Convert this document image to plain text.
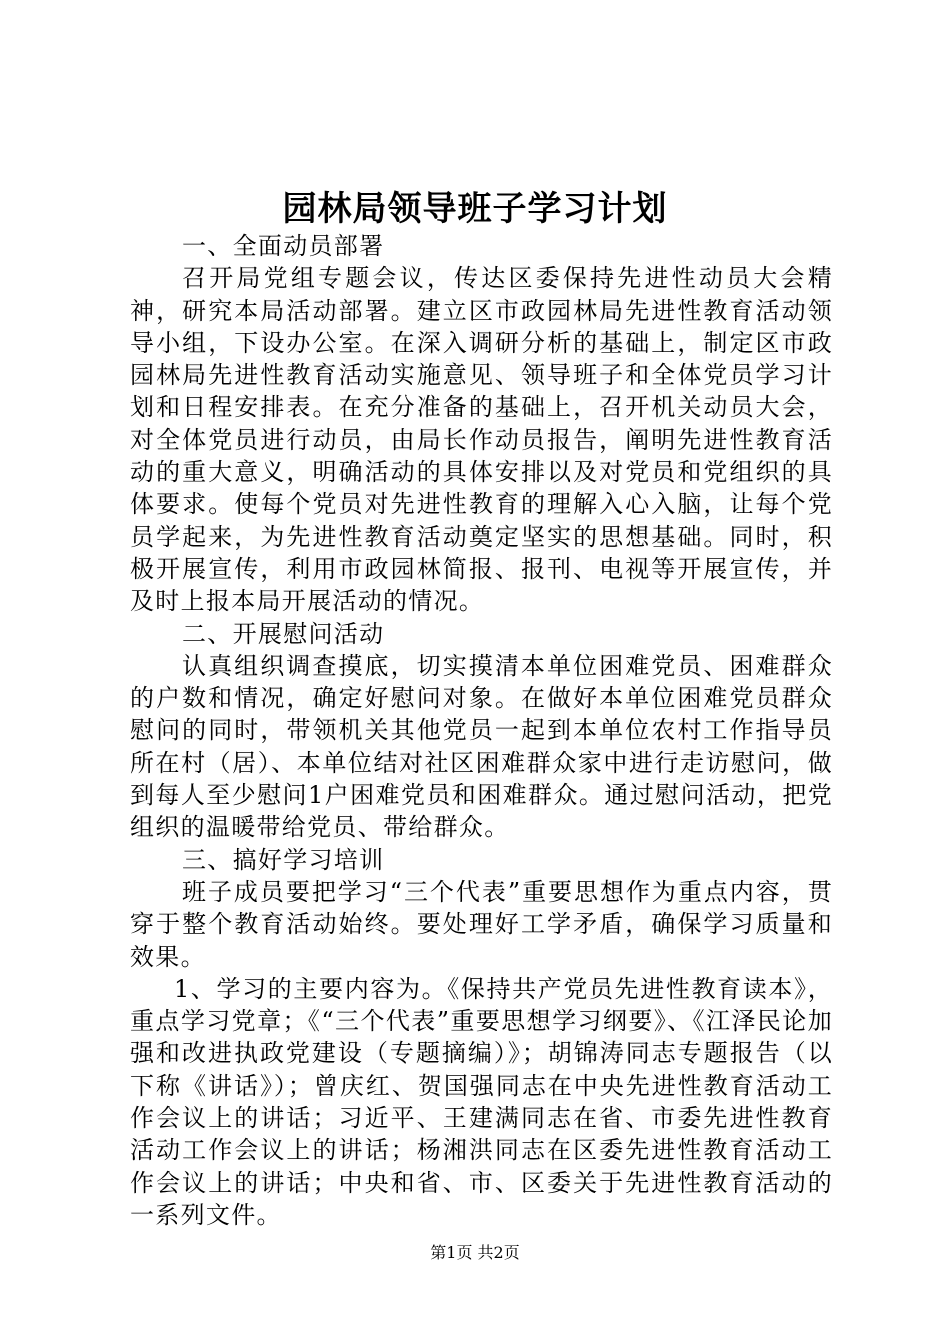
园林局领导班子学习计划

一、全面动员部署

召开局党组专题会议，传达区委保持先进性动员大会精神，研究本局活动部署。建立区市政园林局先进性教育活动领导小组，下设办公室。在深入调研分析的基础上，制定区市政园林局先进性教育活动实施意见、领导班子和全体党员学习计划和日程安排表。在充分准备的基础上，召开机关动员大会，对全体党员进行动员，由局长作动员报告，阐明先进性教育活动的重大意义，明确活动的具体安排以及对党员和党组织的具体要求。使每个党员对先进性教育的理解入心入脑，让每个党员学起来，为先进性教育活动奠定坚实的思想基础。同时，积极开展宣传，利用市政园林简报、报刊、电视等开展宣传，并及时上报本局开展活动的情况。

二、开展慰问活动

认真组织调查摸底，切实摸清本单位困难党员、困难群众的户数和情况，确定好慰问对象。在做好本单位困难党员群众慰问的同时，带领机关其他党员一起到本单位农村工作指导员所在村（居）、本单位结对社区困难群众家中进行走访慰问，做到每人至少慰问1户困难党员和困难群众。通过慰问活动，把党组织的温暖带给党员、带给群众。

三、搞好学习培训

班子成员要把学习“三个代表”重要思想作为重点内容，贯穿于整个教育活动始终。要处理好工学矛盾，确保学习质量和效果。

1、学习的主要内容为。《保持共产党员先进性教育读本》，重点学习党章；《“三个代表”重要思想学习纲要》、《江泽民论加强和改进执政党建设（专题摘编）》；胡锦涛同志专题报告（以下称《讲话》）；曾庆红、贺国强同志在中央先进性教育活动工作会议上的讲话；习近平、王建满同志在省、市委先进性教育活动工作会议上的讲话；杨湘洪同志在区委先进性教育活动工作会议上的讲话；中央和省、市、区委关于先进性教育活动的一系列文件。

第1页 共2页
